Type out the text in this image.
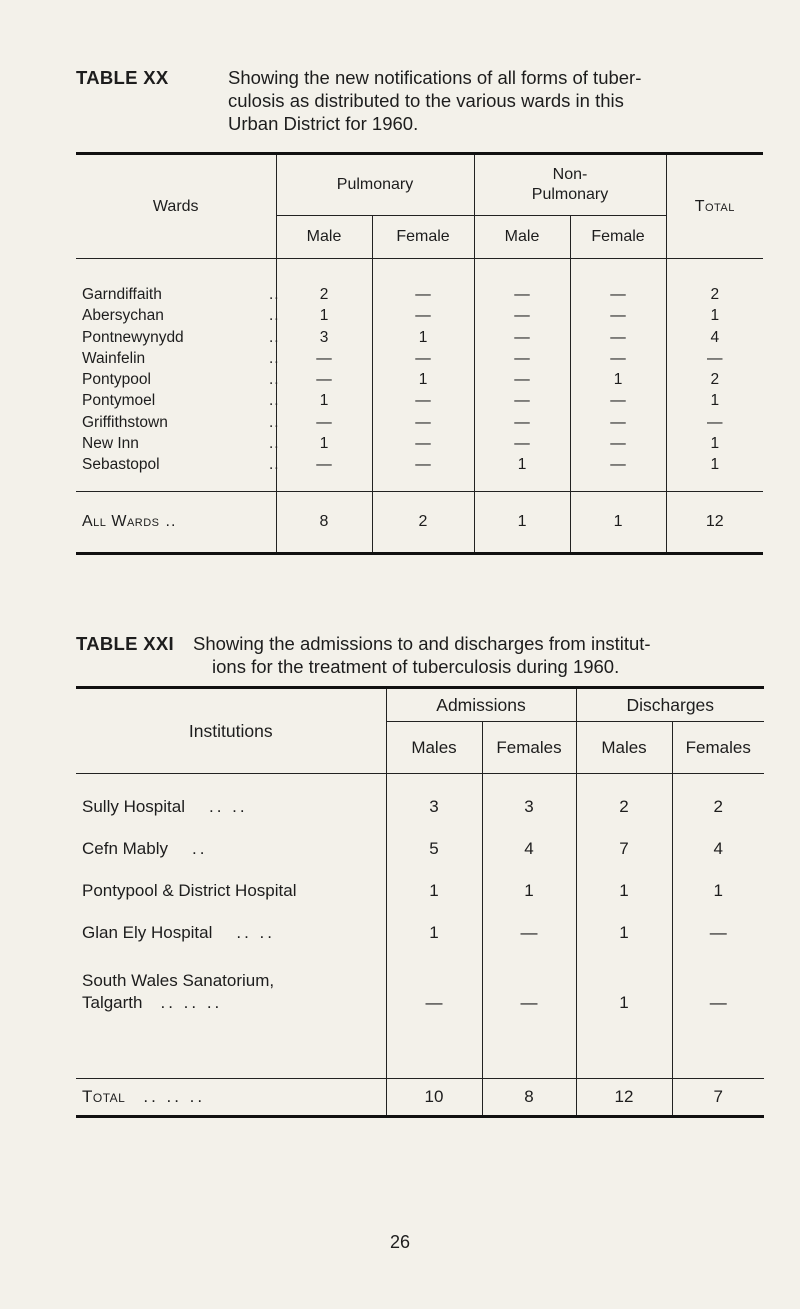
TABLE XX	Showing the new notifications of all forms of tuber-
culosis as distributed to the various wards in this
Urban District for 1960.
Wards	Pulmonary		Non-
Pulmonary		Total
	Male	Female	Male	Female	
Garndiffaith ..	2	—	—	—	2
Abersychan ..	1	—	—	—	1
Pontnewynydd ..	3	1	—	—	4
Wainfelin ..	—	—	—	—	—
Pontypool ..	—	1	—	1	2
Pontymoel ..	1	—	—	—	1
Griffithstown ..	—	—	—	—	—
New Inn ..	1	—	—	—	1
Sebastopol ..	—	—	1	—	1
All Wards ..	8	2	1	1	12
TABLE XXI Showing the admissions to and discharges from institut-
ions for the treatment of tuberculosis during 1960.
Institutions	Admissions		Discharges	
	Males	Females	Males	Females
Sully Hospital .. ..	3	3	2	2
Cefn Mably ..	5	4	7	4
Pontypool & District Hospital	1	1	1	1
Glan Ely Hospital .. ..	1	—	1	—
South Wales Sanatorium,
Talgarth .. .. ..	—	—	1	—

Total .. .. ..	10	8	12	7
26
